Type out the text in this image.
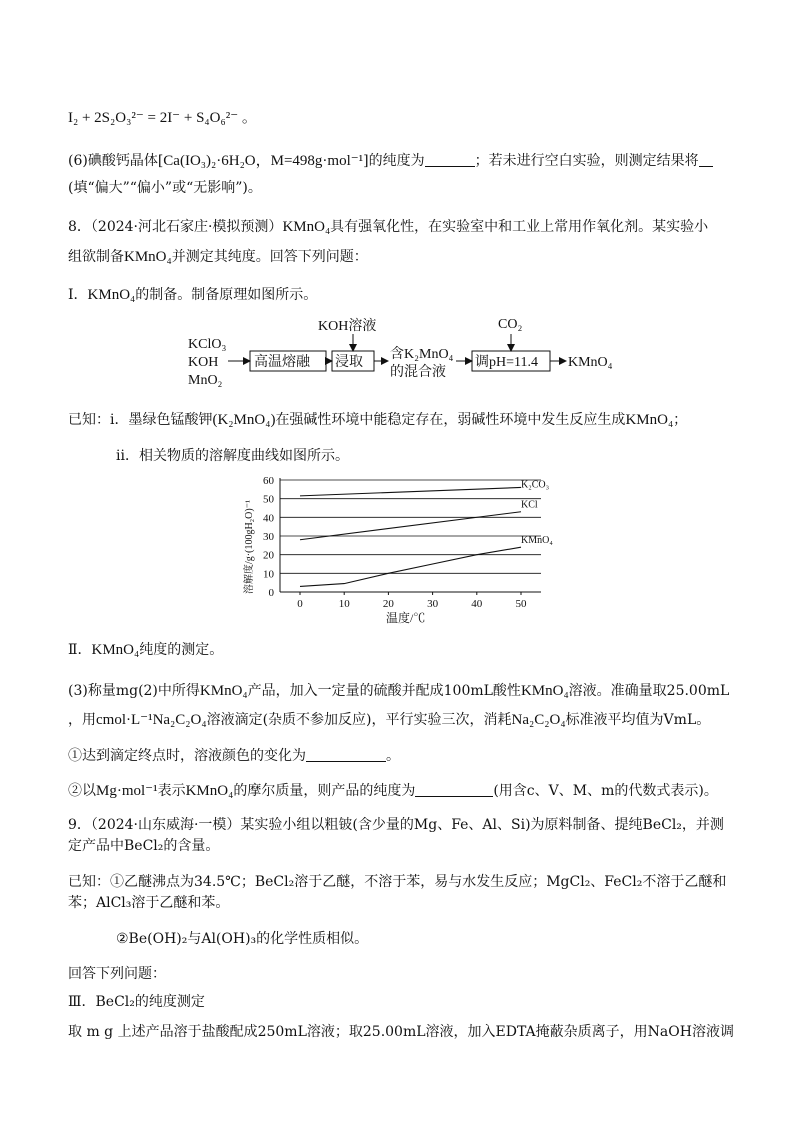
I₂ + 2S₂O₃²⁻ = 2I⁻ + S₄O₆²⁻ 。
(6)碘酸钙晶体[Ca(IO₃)₂·6H₂O，M=498g·mol⁻¹]的纯度为	；若未进行空白实验，则测定结果将
(填“偏大”“偏小”或“无影响”)。
8．（2024·河北石家庄·模拟预测）KMnO₄具有强氧化性，在实验室中和工业上常用作氧化剂。某实验小
组欲制备KMnO₄并测定其纯度。回答下列问题：
I．KMnO₄的制备。制备原理如图所示。
KClO₃
KOH
MnO₂
高温熔融 浸取
KOH溶液
含K₂MnO₄
的混合液
调pH=11.4
CO₂
KMnO₄
已知：i．墨绿色锰酸钾(K₂MnO₄)在强碱性环境中能稳定存在，弱碱性环境中发生反应生成KMnO₄；
ii．相关物质的溶解度曲线如图所示。
0
10
20
30
40
50
60
0	10	20	30	40	50
K₂CO₃
KCl
KMnO₄
溶解度/g·(100gH₂O)⁻¹
温度/℃
Ⅱ．KMnO₄纯度的测定。
(3)称量mg(2)中所得KMnO₄产品，加入一定量的硫酸并配成100mL酸性KMnO₄溶液。准确量取25.00mL
，用cmol·L⁻¹Na₂C₂O₄溶液滴定(杂质不参加反应)，平行实验三次，消耗Na₂C₂O₄标准液平均值为VmL。
①达到滴定终点时，溶液颜色的变化为	。
②以Mg·mol⁻¹表示KMnO₄的摩尔质量，则产品的纯度为	(用含c、V、M、m的代数式表示)。
9．（2024·山东威海·一模）某实验小组以粗铍(含少量的Mg、Fe、Al、Si)为原料制备、提纯BeCl₂，并测
定产品中BeCl₂的含量。
已知：①乙醚沸点为34.5℃；BeCl₂溶于乙醚，不溶于苯，易与水发生反应；MgCl₂、FeCl₂不溶于乙醚和
苯；AlCl₃溶于乙醚和苯。
②Be(OH)₂与Al(OH)₃的化学性质相似。
回答下列问题：
Ⅲ．BeCl₂的纯度测定
取 m g 上述产品溶于盐酸配成250mL溶液；取25.00mL溶液，加入EDTA掩蔽杂质离子，用NaOH溶液调
